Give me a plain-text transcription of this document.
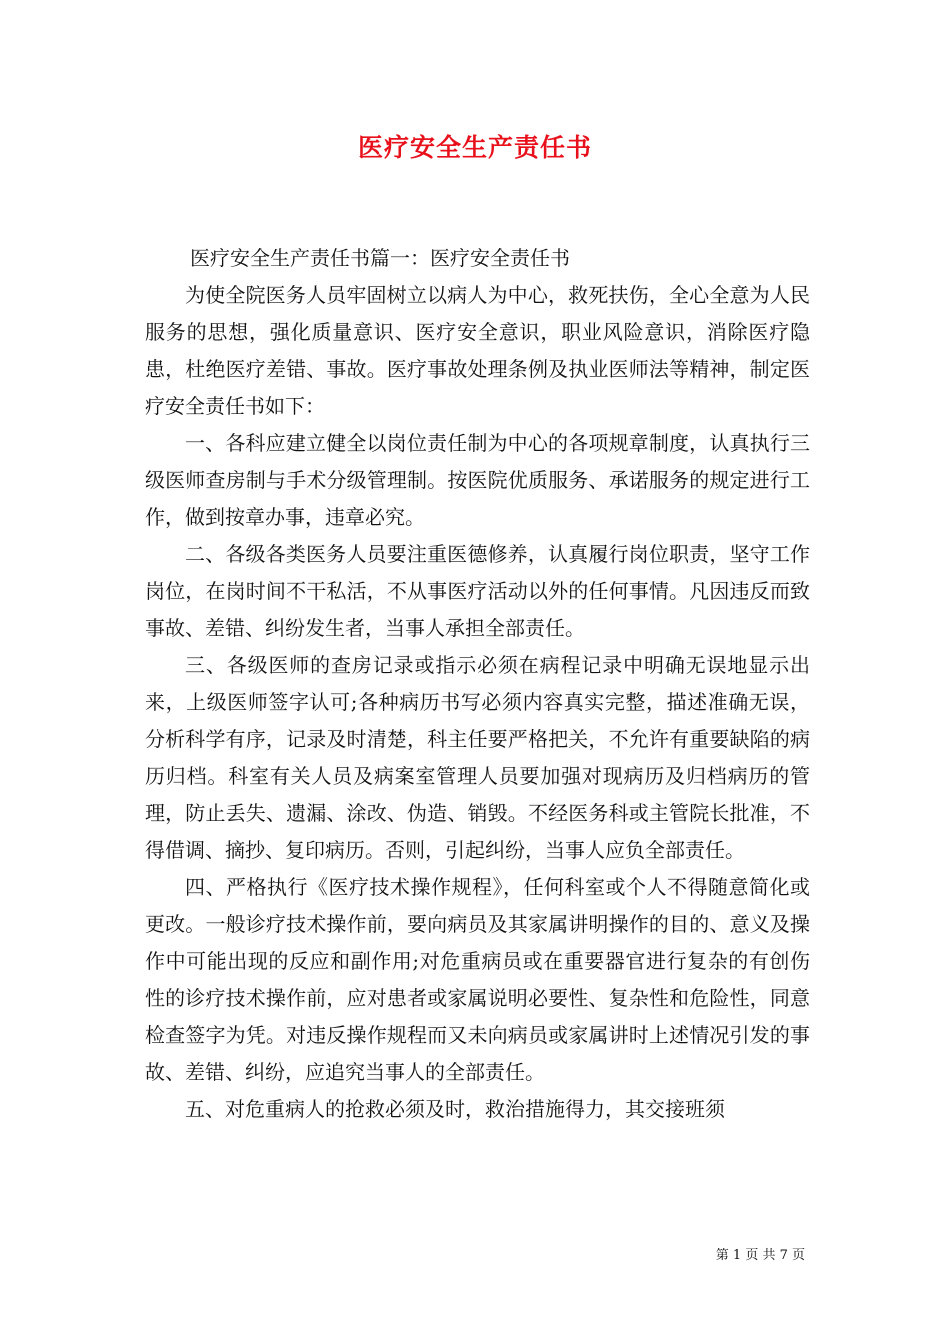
医疗安全生产责任书

医疗安全生产责任书篇一：医疗安全责任书

为使全院医务人员牢固树立以病人为中心，救死扶伤，全心全意为人民服务的思想，强化质量意识、医疗安全意识，职业风险意识，消除医疗隐患，杜绝医疗差错、事故。医疗事故处理条例及执业医师法等精神，制定医疗安全责任书如下：

一、各科应建立健全以岗位责任制为中心的各项规章制度，认真执行三级医师查房制与手术分级管理制。按医院优质服务、承诺服务的规定进行工作，做到按章办事，违章必究。

二、各级各类医务人员要注重医德修养，认真履行岗位职责，坚守工作岗位，在岗时间不干私活，不从事医疗活动以外的任何事情。凡因违反而致事故、差错、纠纷发生者，当事人承担全部责任。

三、各级医师的查房记录或指示必须在病程记录中明确无误地显示出来，上级医师签字认可;各种病历书写必须内容真实完整，描述准确无误，分析科学有序，记录及时清楚，科主任要严格把关，不允许有重要缺陷的病历归档。科室有关人员及病案室管理人员要加强对现病历及归档病历的管理，防止丢失、遗漏、涂改、伪造、销毁。不经医务科或主管院长批准，不得借调、摘抄、复印病历。否则，引起纠纷，当事人应负全部责任。

四、严格执行《医疗技术操作规程》，任何科室或个人不得随意简化或更改。一般诊疗技术操作前，要向病员及其家属讲明操作的目的、意义及操作中可能出现的反应和副作用;对危重病员或在重要器官进行复杂的有创伤性的诊疗技术操作前，应对患者或家属说明必要性、复杂性和危险性，同意检查签字为凭。对违反操作规程而又未向病员或家属讲时上述情况引发的事故、差错、纠纷，应追究当事人的全部责任。

五、对危重病人的抢救必须及时，救治措施得力，其交接班须

第 1 页 共 7 页
